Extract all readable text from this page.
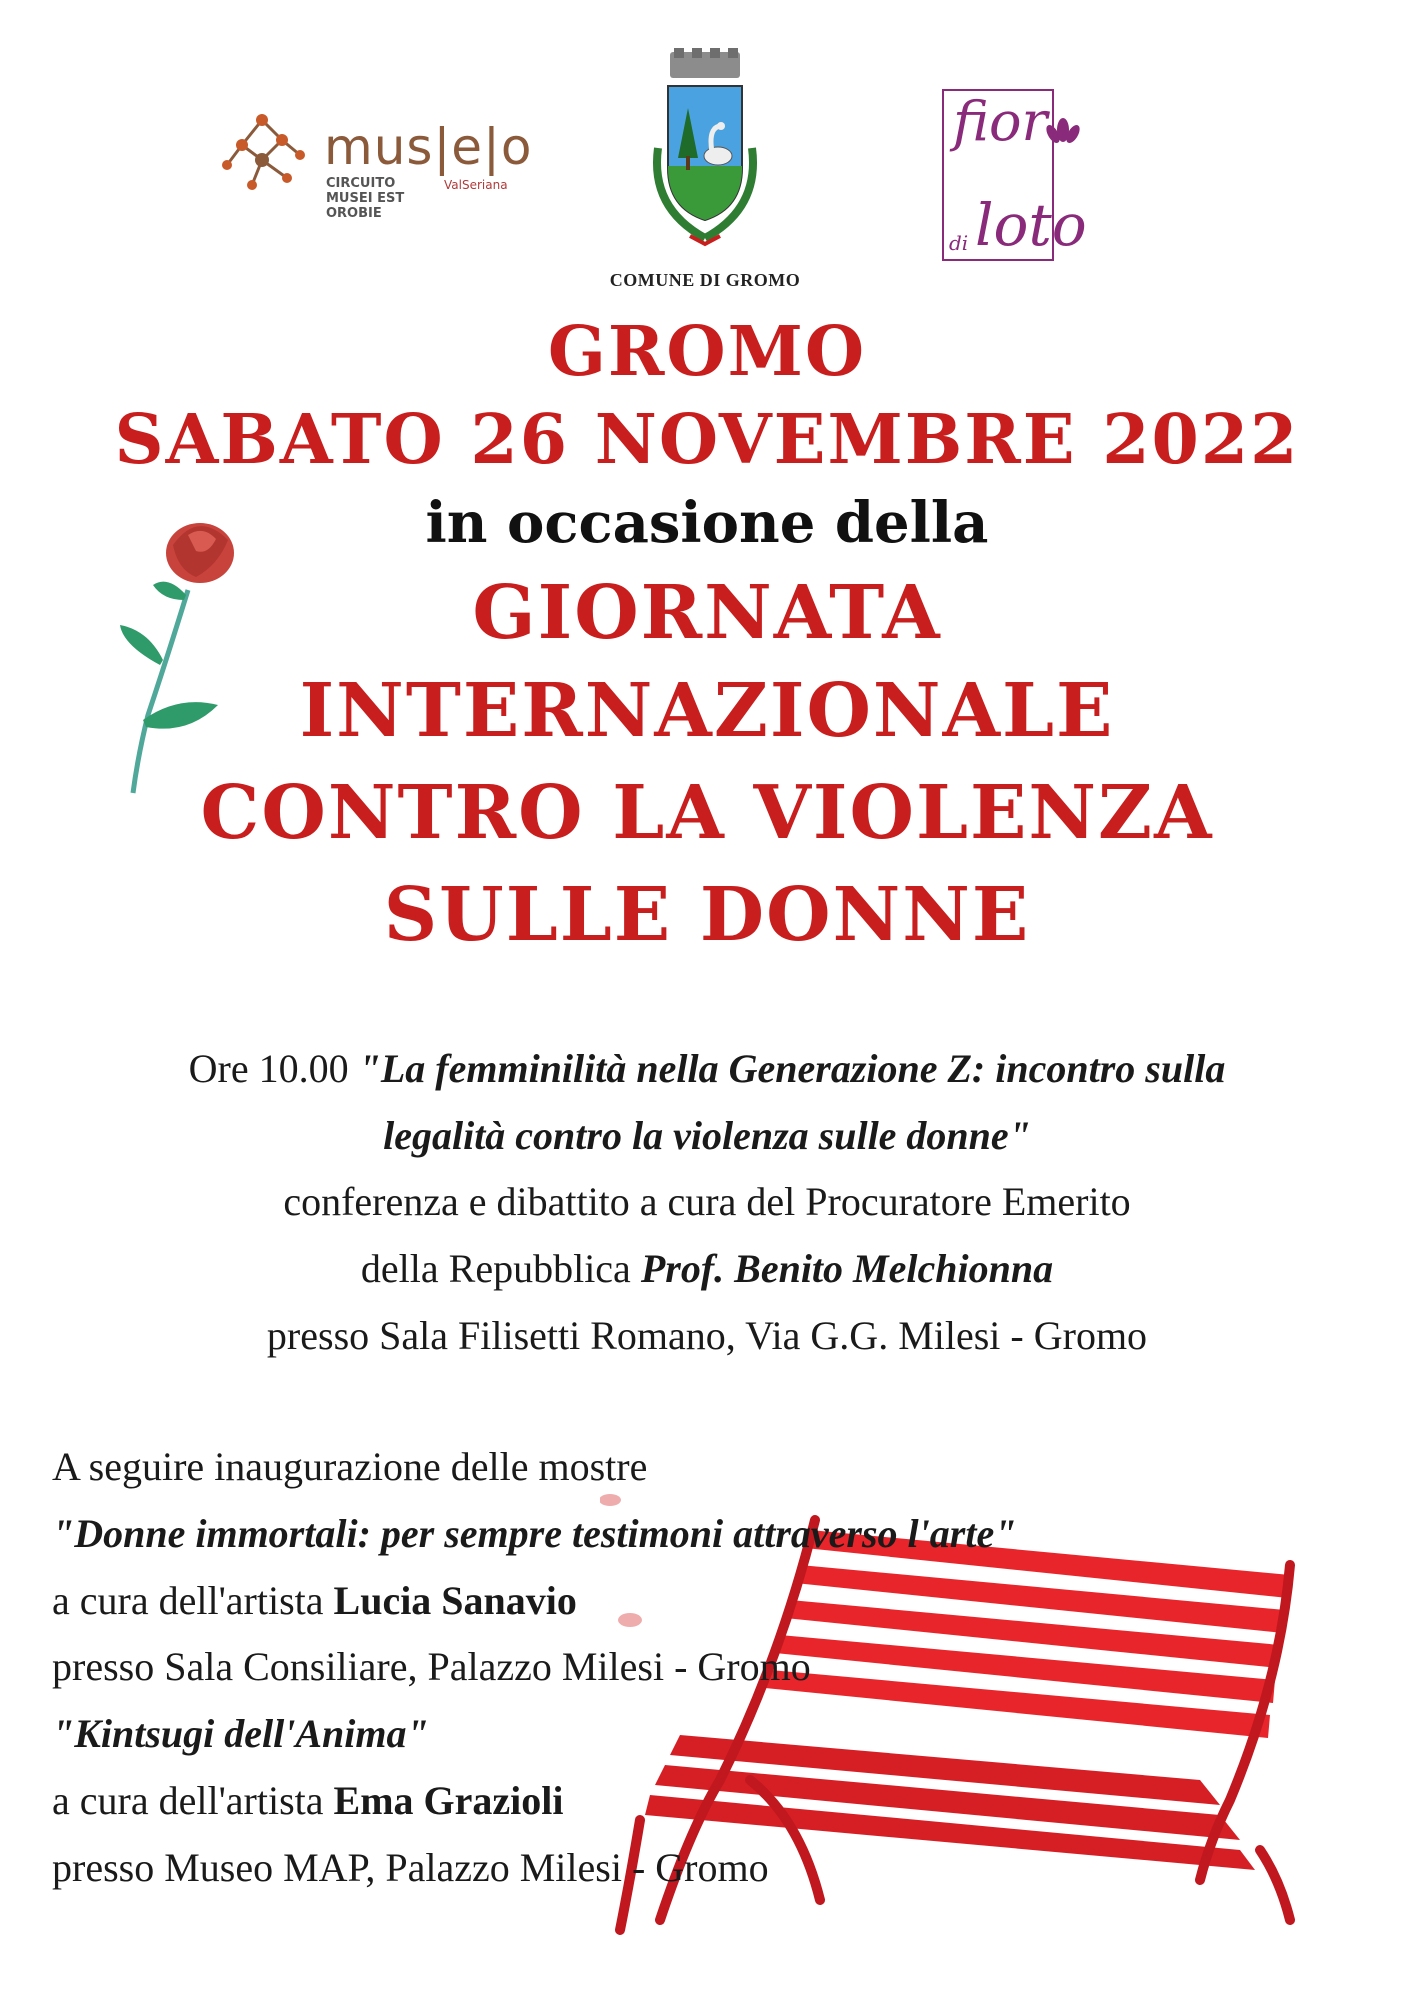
mus|e|o
CIRCUITO MUSEI EST OROBIE
ValSeriana
COMUNE DI GROMO
fior
di loto
GROMO
SABATO 26 NOVEMBRE 2022
in occasione della
GIORNATA
INTERNAZIONALE
CONTRO LA VIOLENZA
SULLE DONNE
Ore 10.00 "La femminilità nella Generazione Z: incontro sulla
legalità contro la violenza sulle donne"
conferenza e dibattito a cura del Procuratore Emerito
della Repubblica Prof. Benito Melchionna
presso Sala Filisetti Romano, Via G.G. Milesi - Gromo
A seguire inaugurazione delle mostre
"Donne immortali: per sempre testimoni attraverso l'arte"
a cura dell'artista Lucia Sanavio
presso Sala Consiliare, Palazzo Milesi - Gromo
"Kintsugi dell'Anima"
a cura dell'artista Ema Grazioli
presso Museo MAP, Palazzo Milesi - Gromo
